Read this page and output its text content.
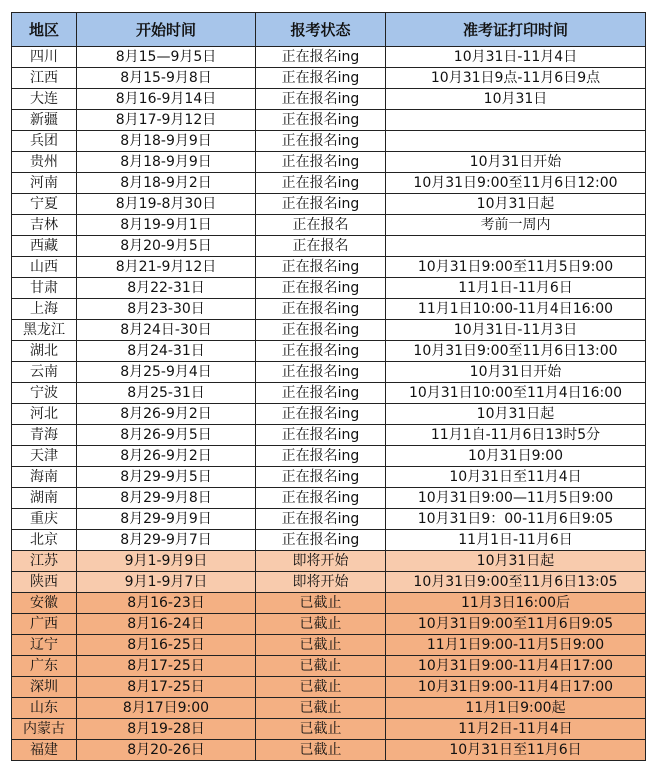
地区	开始时间	报考状态	准考证打印时间
四川	8月15—9月5日	正在报名ing	10月31日-11月4日
江西	8月15-9月8日	正在报名ing	10月31日9点-11月6日9点
大连	8月16-9月14日	正在报名ing	10月31日
新疆	8月17-9月12日	正在报名ing	
兵团	8月18-9月9日	正在报名ing	
贵州	8月18-9月9日	正在报名ing	10月31日开始
河南	8月18-9月2日	正在报名ing	10月31日9:00至11月6日12:00
宁夏	8月19-8月30日	正在报名ing	10月31日起
吉林	8月19-9月1日	正在报名	考前一周内
西藏	8月20-9月5日	正在报名	
山西	8月21-9月12日	正在报名ing	10月31日9:00至11月5日9:00
甘肃	8月22-31日	正在报名ing	11月1日-11月6日
上海	8月23-30日	正在报名ing	11月1日10:00-11月4日16:00
黑龙江	8月24日-30日	正在报名ing	10月31日-11月3日
湖北	8月24-31日	正在报名ing	10月31日9:00至11月6日13:00
云南	8月25-9月4日	正在报名ing	10月31日开始
宁波	8月25-31日	正在报名ing	10月31日10:00至11月4日16:00
河北	8月26-9月2日	正在报名ing	10月31日起
青海	8月26-9月5日	正在报名ing	11月1自-11月6日13时5分
天津	8月26-9月2日	正在报名ing	10月31日9:00
海南	8月29-9月5日	正在报名ing	10月31日至11月4日
湖南	8月29-9月8日	正在报名ing	10月31日9:00—11月5日9:00
重庆	8月29-9月9日	正在报名ing	10月31日9：00-11月6日9:05
北京	8月29-9月7日	正在报名ing	11月1日-11月6日
江苏	9月1-9月9日	即将开始	10月31日起
陕西	9月1-9月7日	即将开始	10月31日9:00至11月6日13:05
安徽	8月16-23日	已截止	11月3日16:00后
广西	8月16-24日	已截止	10月31日9:00至11月6日9:05
辽宁	8月16-25日	已截止	11月1日9:00-11月5日9:00
广东	8月17-25日	已截止	10月31日9:00-11月4日17:00
深圳	8月17-25日	已截止	10月31日9:00-11月4日17:00
山东	8月17日9:00	已截止	11月1日9:00起
内蒙古	8月19-28日	已截止	11月2日-11月4日
福建	8月20-26日	已截止	10月31日至11月6日
